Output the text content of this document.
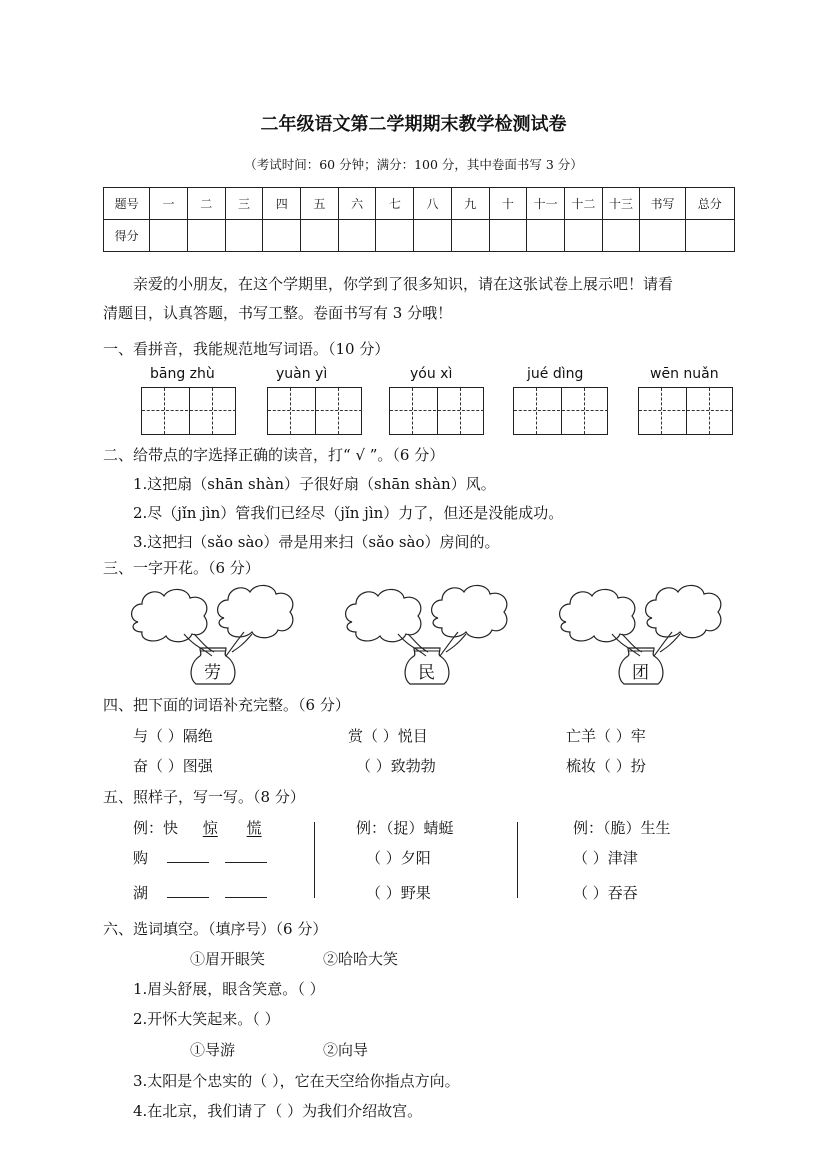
二年级语文第二学期期末教学检测试卷
（考试时间：60 分钟；满分：100 分，其中卷面书写 3 分）
题号	一	二	三	四	五	六	七	八	九	十	十一	十二	十三	书写	总分
得分															
亲爱的小朋友，在这个学期里，你学到了很多知识，请在这张试卷上展示吧！请看
清题目，认真答题，书写工整。卷面书写有 3 分哦！
一、看拼音，我能规范地写词语。（10 分）
bāng zhù	yuàn yì	yóu xì	jué dìng	wēn nuǎn
二、给带点的字选择正确的读音，打“ √ ”。（6 分）
1.这把扇（shān shàn）子很好扇（shān shàn）风。
2.尽（jǐn jìn）管我们已经尽（jǐn jìn）力了，但还是没能成功。
3.这把扫（sǎo sào）帚是用来扫（sǎo sào）房间的。
三、一字开花。（6 分）
劳	民	团
四、把下面的词语补充完整。（6 分）
与（ ）隔绝	赏（ ）悦目	亡羊（ ）牢
奋（ ）图强	（ ）致勃勃	梳妆（ ）扮
五、照样子，写一写。（8 分）
例：快 惊 慌
购
湖
例：（捉）蜻蜓
（ ）夕阳
（ ）野果
例：（脆）生生
（ ）津津
（ ）吞吞
六、选词填空。（填序号）（6 分）
①眉开眼笑	②哈哈大笑
1.眉头舒展，眼含笑意。（ ）
2.开怀大笑起来。（ ）
①导游	②向导
3.太阳是个忠实的（ ），它在天空给你指点方向。
4.在北京，我们请了（ ）为我们介绍故宫。
